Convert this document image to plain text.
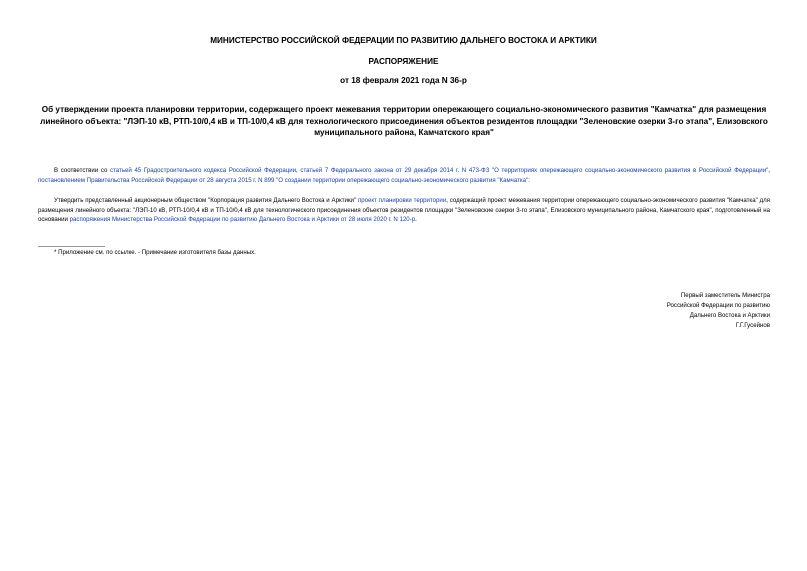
МИНИСТЕРСТВО РОССИЙСКОЙ ФЕДЕРАЦИИ ПО РАЗВИТИЮ ДАЛЬНЕГО ВОСТОКА И АРКТИКИ
РАСПОРЯЖЕНИЕ
от 18 февраля 2021 года N 36-р
Об утверждении проекта планировки территории, содержащего проект межевания территории опережающего социально-экономического развития "Камчатка" для размещения линейного объекта: "ЛЭП-10 кВ, РТП-10/0,4 кВ и ТП-10/0,4 кВ для технологического присоединения объектов резидентов площадки "Зеленовские озерки 3-го этапа", Елизовского муниципального района, Камчатского края"
В соответствии со статьей 45 Градостроительного кодекса Российской Федерации, статьей 7 Федерального закона от 29 декабря 2014 г. N 473-ФЗ "О территориях опережающего социально-экономического развития в Российской Федерации", постановлением Правительства Российской Федерации от 28 августа 2015 г. N 899 "О создании территории опережающего социально-экономического развития "Камчатка":
Утвердить представленный акционерным обществом "Корпорация развития Дальнего Востока и Арктики" проект планировки территории, содержащий проект межевания территории опережающего социально-экономического развития "Камчатка" для размещения линейного объекта: "ЛЭП-10 кВ, РТП-10/0,4 кВ и ТП-10/0,4 кВ для технологического присоединения объектов резидентов площадки "Зеленовские озерки 3-го этапа", Елизовского муниципального района, Камчатского края", подготовленный на основании распоряжения Министерства Российской Федерации по развитию Дальнего Востока и Арктики от 28 июля 2020 г. N 120-р.
* Приложение см. по ссылке. - Примечание изготовителя базы данных.
Первый заместитель Министра
Российской Федерации по развитию
Дальнего Востока и Арктики
Г.Г.Гусейнов
